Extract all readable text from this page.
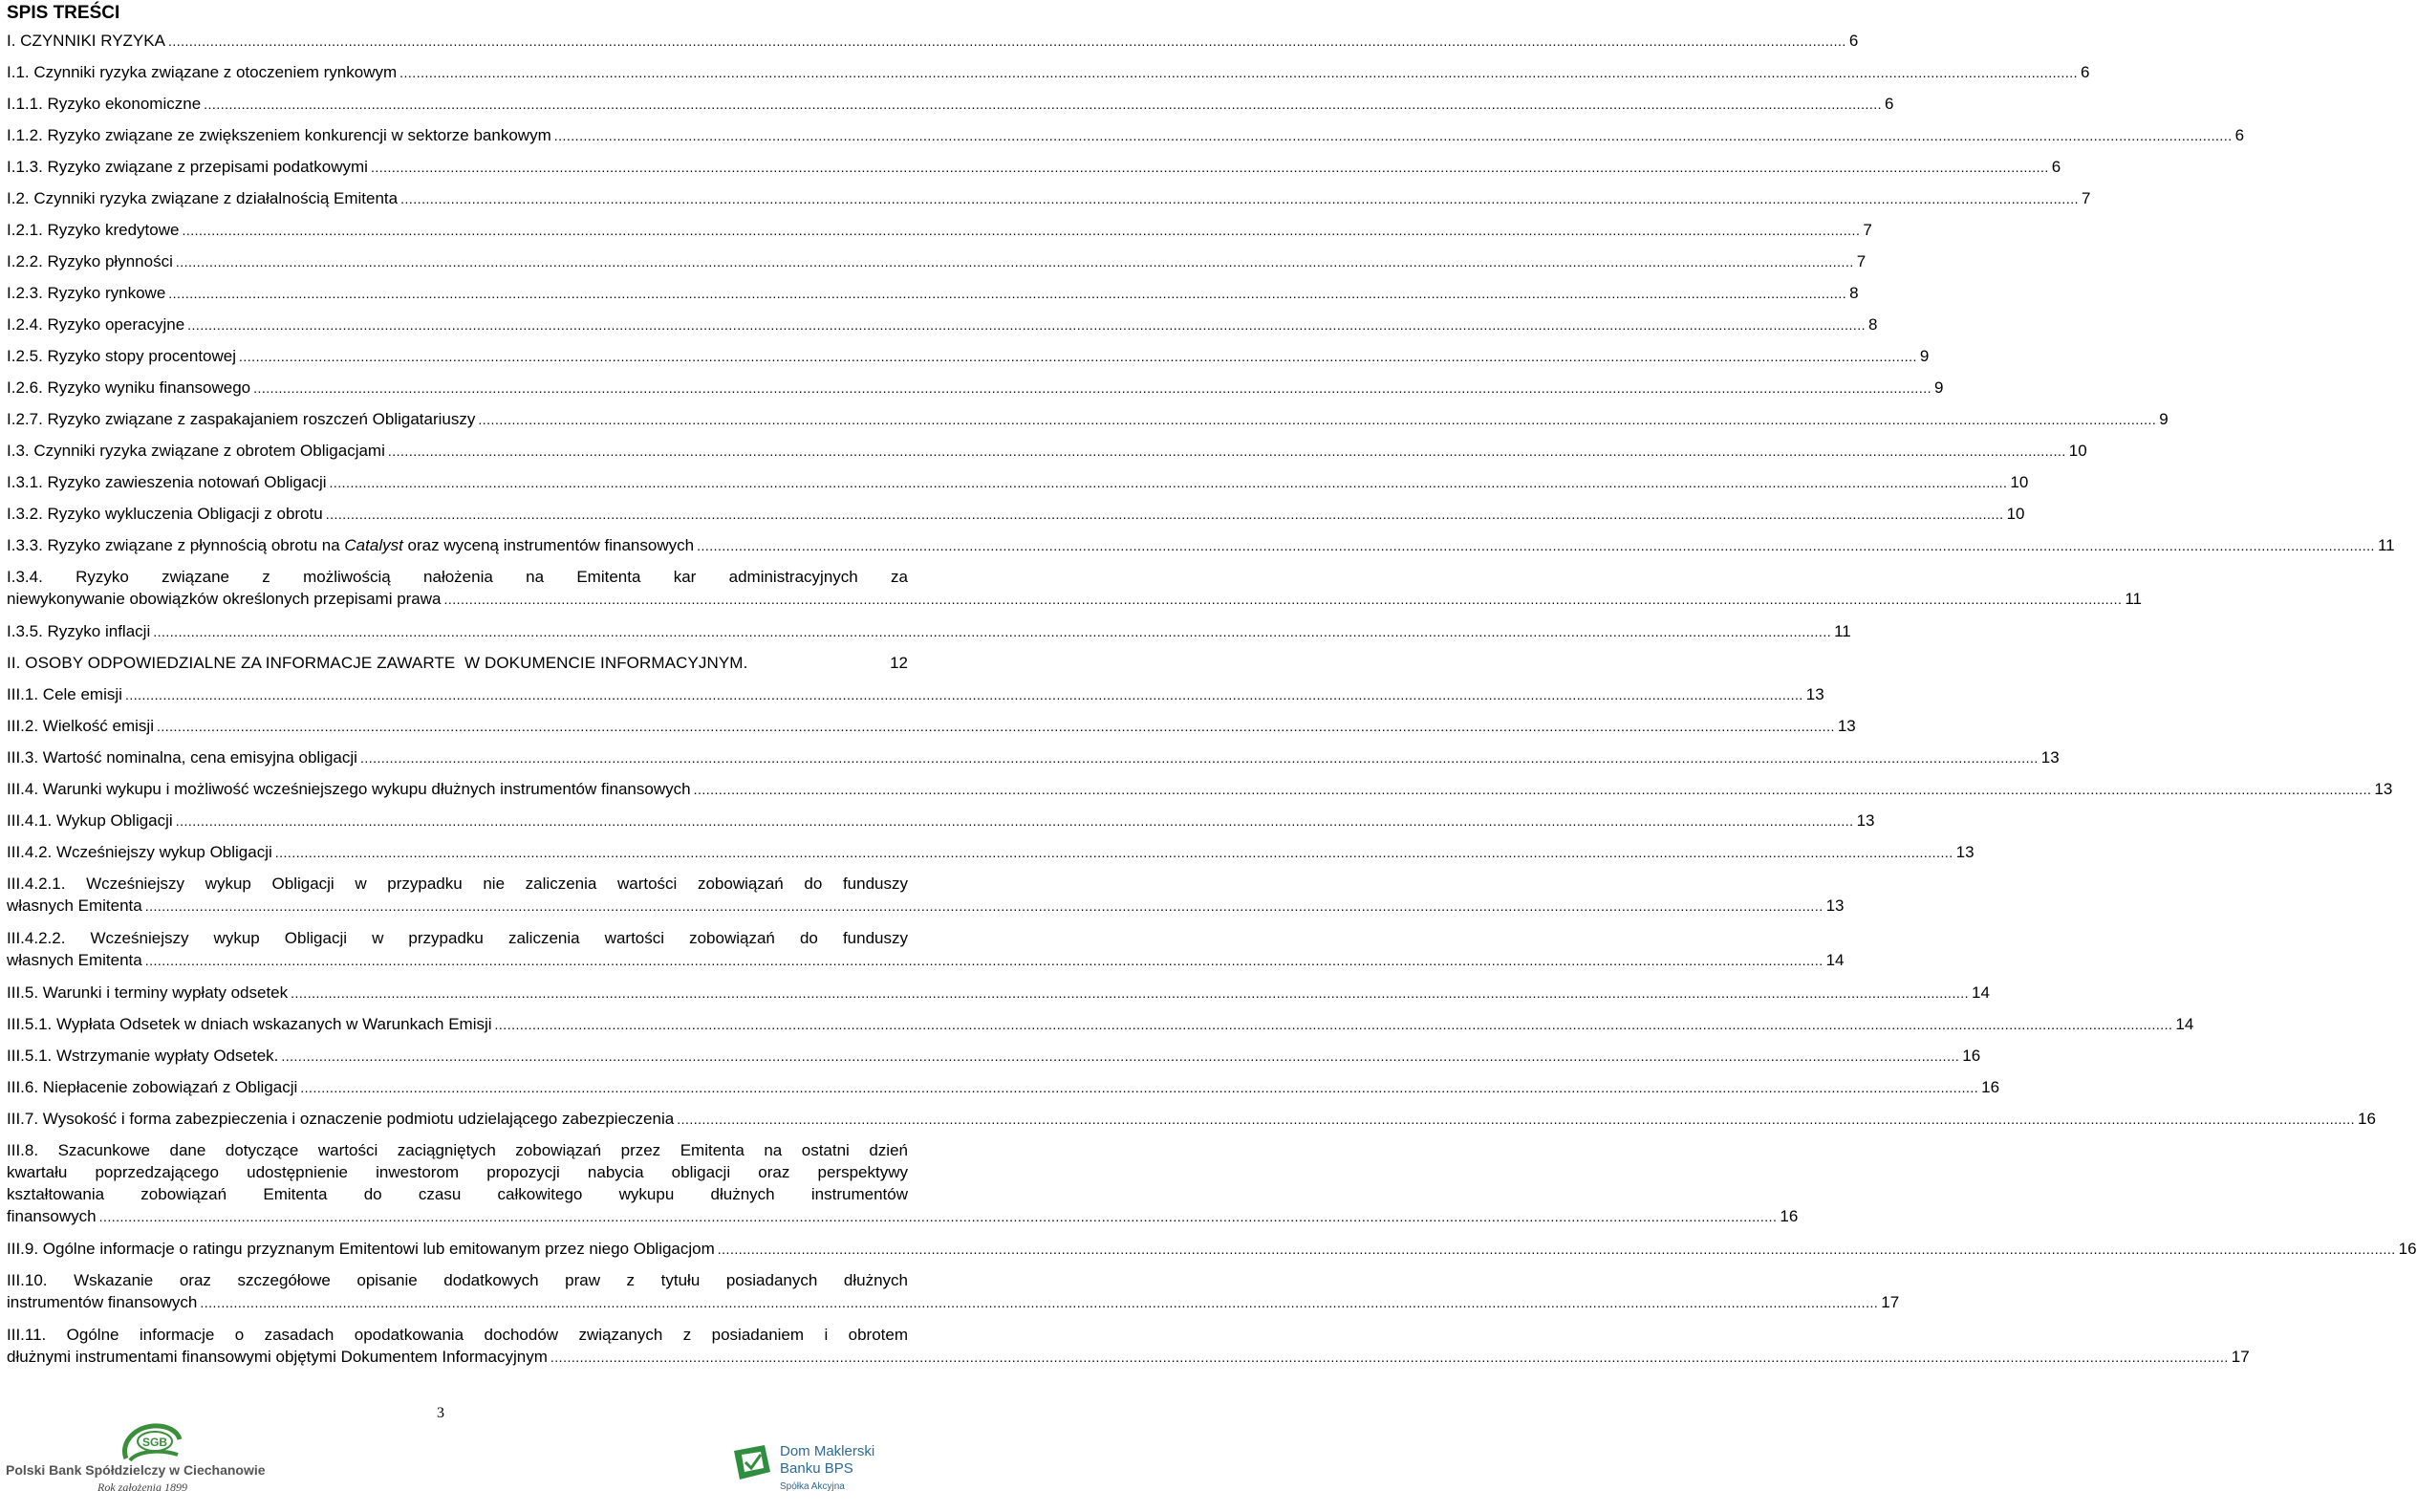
SPIS TREŚCI
I. CZYNNIKI RYZYKA ................................................................................................................................................................................................................................................................................................................................................................................................................ 6
I.1. Czynniki ryzyka związane z otoczeniem rynkowym ................................................................................................................................................................................................................................................................................................................................................................................................................ 6
I.1.1. Ryzyko ekonomiczne ................................................................................................................................................................................................................................................................................................................................................................................................................ 6
I.1.2. Ryzyko związane ze zwiększeniem konkurencji w sektorze bankowym ................................................................................................................................................................................................................................................................................................................................................................................................................ 6
I.1.3. Ryzyko związane z przepisami podatkowymi ................................................................................................................................................................................................................................................................................................................................................................................................................ 6
I.2. Czynniki ryzyka związane z działalnością Emitenta ................................................................................................................................................................................................................................................................................................................................................................................................................ 7
I.2.1. Ryzyko kredytowe ................................................................................................................................................................................................................................................................................................................................................................................................................ 7
I.2.2. Ryzyko płynności ................................................................................................................................................................................................................................................................................................................................................................................................................ 7
I.2.3. Ryzyko rynkowe ................................................................................................................................................................................................................................................................................................................................................................................................................ 8
I.2.4. Ryzyko operacyjne ................................................................................................................................................................................................................................................................................................................................................................................................................ 8
I.2.5. Ryzyko stopy procentowej ................................................................................................................................................................................................................................................................................................................................................................................................................ 9
I.2.6. Ryzyko wyniku finansowego ................................................................................................................................................................................................................................................................................................................................................................................................................ 9
I.2.7. Ryzyko związane z zaspakajaniem roszczeń Obligatariuszy ................................................................................................................................................................................................................................................................................................................................................................................................................ 9
I.3. Czynniki ryzyka związane z obrotem Obligacjami ................................................................................................................................................................................................................................................................................................................................................................................................................ 10
I.3.1. Ryzyko zawieszenia notowań Obligacji ................................................................................................................................................................................................................................................................................................................................................................................................................ 10
I.3.2. Ryzyko wykluczenia Obligacji z obrotu ................................................................................................................................................................................................................................................................................................................................................................................................................ 10
I.3.3. Ryzyko związane z płynnością obrotu na Catalyst oraz wyceną instrumentów finansowych ................................................................................................................................................................................................................................................................................................................................................................................................................ 11
I.3.4. Ryzyko związane z możliwością nałożenia na Emitenta kar administracyjnych za
niewykonywanie obowiązków określonych przepisami prawa ................................................................................................................................................................................................................................................................................................................................................................................................................ 11
I.3.5. Ryzyko inflacji ................................................................................................................................................................................................................................................................................................................................................................................................................ 11
II. OSOBY ODPOWIEDZIALNE ZA INFORMACJE ZAWARTE  W DOKUMENCIE INFORMACYJNYM.	12
III.1. Cele emisji ................................................................................................................................................................................................................................................................................................................................................................................................................ 13
III.2. Wielkość emisji ................................................................................................................................................................................................................................................................................................................................................................................................................ 13
III.3. Wartość nominalna, cena emisyjna obligacji ................................................................................................................................................................................................................................................................................................................................................................................................................ 13
III.4. Warunki wykupu i możliwość wcześniejszego wykupu dłużnych instrumentów finansowych ................................................................................................................................................................................................................................................................................................................................................................................................................ 13
III.4.1. Wykup Obligacji ................................................................................................................................................................................................................................................................................................................................................................................................................ 13
III.4.2. Wcześniejszy wykup Obligacji ................................................................................................................................................................................................................................................................................................................................................................................................................ 13
III.4.2.1. Wcześniejszy wykup Obligacji w przypadku nie zaliczenia wartości zobowiązań do funduszy
własnych Emitenta ................................................................................................................................................................................................................................................................................................................................................................................................................ 13
III.4.2.2. Wcześniejszy wykup Obligacji w przypadku zaliczenia wartości zobowiązań do funduszy
własnych Emitenta ................................................................................................................................................................................................................................................................................................................................................................................................................ 14
III.5. Warunki i terminy wypłaty odsetek ................................................................................................................................................................................................................................................................................................................................................................................................................ 14
III.5.1. Wypłata Odsetek w dniach wskazanych w Warunkach Emisji ................................................................................................................................................................................................................................................................................................................................................................................................................ 14
III.5.1. Wstrzymanie wypłaty Odsetek. ................................................................................................................................................................................................................................................................................................................................................................................................................ 16
III.6. Niepłacenie zobowiązań z Obligacji ................................................................................................................................................................................................................................................................................................................................................................................................................ 16
III.7. Wysokość i forma zabezpieczenia i oznaczenie podmiotu udzielającego zabezpieczenia ................................................................................................................................................................................................................................................................................................................................................................................................................ 16
III.8. Szacunkowe dane dotyczące wartości zaciągniętych zobowiązań przez Emitenta na ostatni dzień
kwartału poprzedzającego udostępnienie inwestorom propozycji nabycia obligacji oraz perspektywy
kształtowania zobowiązań Emitenta do czasu całkowitego wykupu dłużnych instrumentów
finansowych ................................................................................................................................................................................................................................................................................................................................................................................................................ 16
III.9. Ogólne informacje o ratingu przyznanym Emitentowi lub emitowanym przez niego Obligacjom ................................................................................................................................................................................................................................................................................................................................................................................................................ 16
III.10. Wskazanie oraz szczegółowe opisanie dodatkowych praw z tytułu posiadanych dłużnych
instrumentów finansowych ................................................................................................................................................................................................................................................................................................................................................................................................................ 17
III.11. Ogólne informacje o zasadach opodatkowania dochodów związanych z posiadaniem i obrotem
dłużnymi instrumentami finansowymi objętymi Dokumentem Informacyjnym ................................................................................................................................................................................................................................................................................................................................................................................................................ 17
3
SGB
Polski Bank Spółdzielczy w Ciechanowie
Rok założenia 1899
Dom Maklerski
Banku BPS
Spółka Akcyjna
